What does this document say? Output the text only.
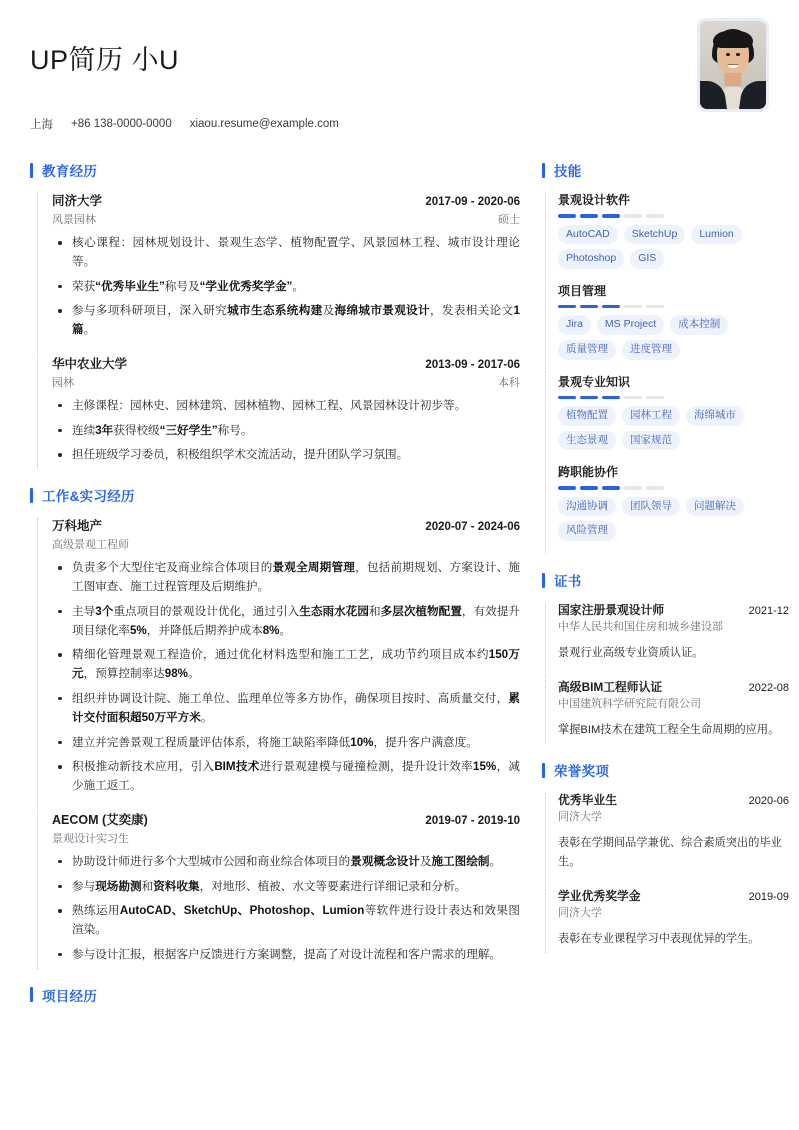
UP简历 小U
上海 +86 138-0000-0000 xiaou.resume@example.com
教育经历
同济大学	2017-09 - 2020-06
风景园林	硕士
核心课程：园林规划设计、景观生态学、植物配置学、风景园林工程、城市设计理论等。
荣获“优秀毕业生”称号及“学业优秀奖学金”。
参与多项科研项目，深入研究城市生态系统构建及海绵城市景观设计，发表相关论文1篇。
华中农业大学	2013-09 - 2017-06
园林	本科
主修课程：园林史、园林建筑、园林植物、园林工程、风景园林设计初步等。
连续3年获得校级“三好学生”称号。
担任班级学习委员，积极组织学术交流活动，提升团队学习氛围。
工作&实习经历
万科地产	2020-07 - 2024-06
高级景观工程师
负责多个大型住宅及商业综合体项目的景观全周期管理，包括前期规划、方案设计、施工图审查、施工过程管理及后期维护。
主导3个重点项目的景观设计优化，通过引入生态雨水花园和多层次植物配置，有效提升项目绿化率5%，并降低后期养护成本8%。
精细化管理景观工程造价，通过优化材料选型和施工工艺，成功节约项目成本约150万元，预算控制率达98%。
组织并协调设计院、施工单位、监理单位等多方协作，确保项目按时、高质量交付，累计交付面积超50万平方米。
建立并完善景观工程质量评估体系，将施工缺陷率降低10%，提升客户满意度。
积极推动新技术应用，引入BIM技术进行景观建模与碰撞检测，提升设计效率15%，减少施工返工。
AECOM (艾奕康)	2019-07 - 2019-10
景观设计实习生
协助设计师进行多个大型城市公园和商业综合体项目的景观概念设计及施工图绘制。
参与现场勘测和资料收集，对地形、植被、水文等要素进行详细记录和分析。
熟练运用AutoCAD、SketchUp、Photoshop、Lumion等软件进行设计表达和效果图渲染。
参与设计汇报，根据客户反馈进行方案调整，提高了对设计流程和客户需求的理解。
项目经历
技能
景观设计软件
AutoCAD	SketchUp	Lumion
Photoshop	GIS
项目管理
Jira	MS Project	成本控制
质量管理	进度管理
景观专业知识
植物配置	园林工程	海绵城市
生态景观	国家规范
跨职能协作
沟通协调	团队领导	问题解决
风险管理
证书
国家注册景观设计师	2021-12
中华人民共和国住房和城乡建设部
景观行业高级专业资质认证。
高级BIM工程师认证	2022-08
中国建筑科学研究院有限公司
掌握BIM技术在建筑工程全生命周期的应用。
荣誉奖项
优秀毕业生	2020-06
同济大学
表彰在学期间品学兼优、综合素质突出的毕业生。
学业优秀奖学金	2019-09
同济大学
表彰在专业课程学习中表现优异的学生。
